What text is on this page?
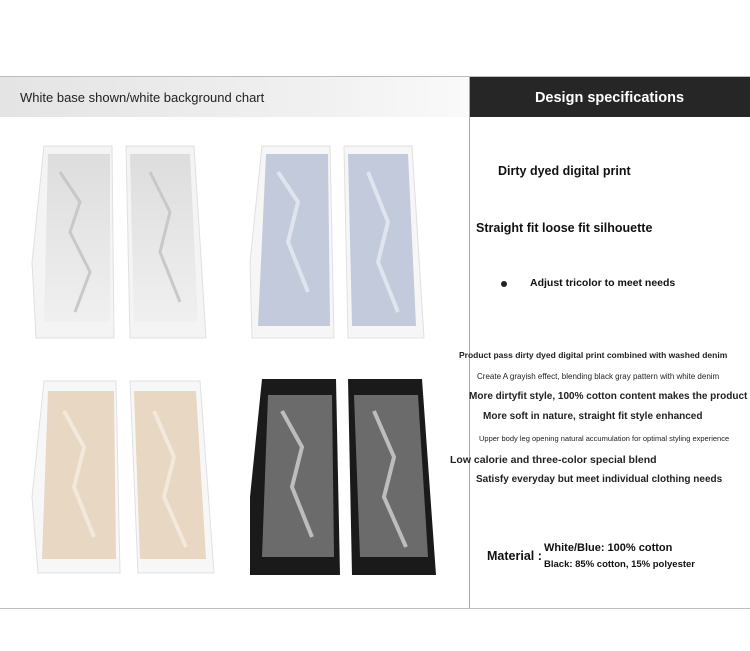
White base shown/white background chart	Design specifications
Dirty dyed digital print
Straight fit loose fit silhouette
Adjust tricolor to meet needs
Product pass dirty dyed digital print combined with washed denim
Create A grayish effect, blending black gray pattern with white denim
More dirtyfit style, 100% cotton content makes the product
More soft in nature, straight fit style enhanced
Upper body leg opening natural accumulation for optimal styling experience
Low calorie and three-color special blend
Satisfy everyday but meet individual clothing needs
Material :
White/Blue: 100% cotton
Black: 85% cotton, 15% polyester
